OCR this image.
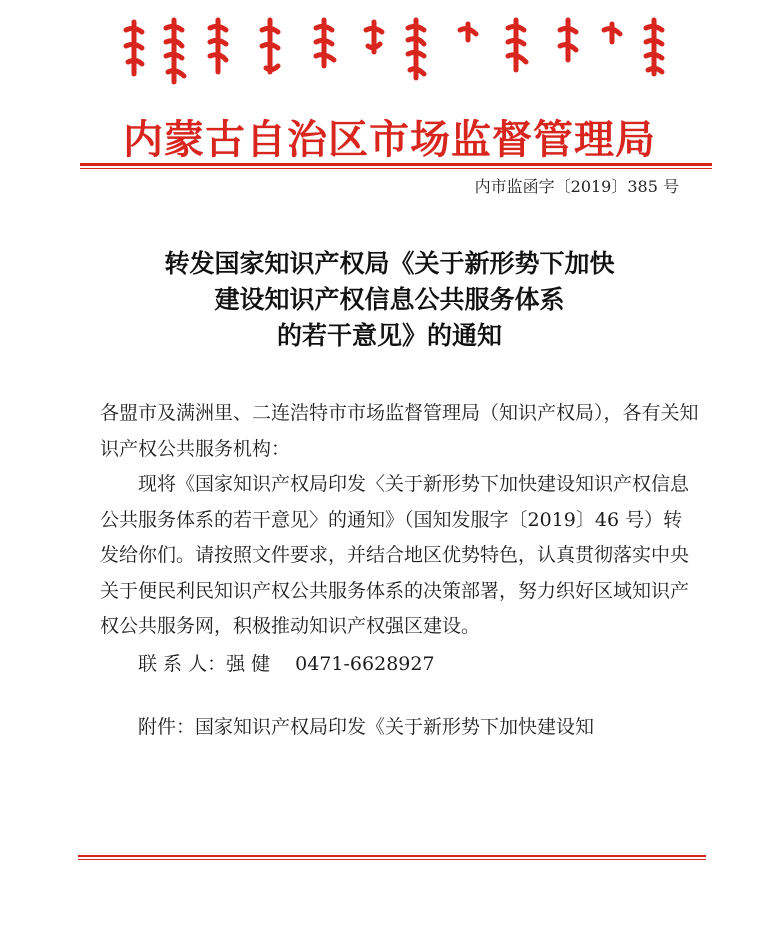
内蒙古自治区市场监督管理局
内市监函字〔2019〕385 号
转发国家知识产权局《关于新形势下加快
建设知识产权信息公共服务体系
的若干意见》的通知

各盟市及满洲里、二连浩特市市场监督管理局（知识产权局），各有关知识产权公共服务机构：

现将《国家知识产权局印发〈关于新形势下加快建设知识产权信息公共服务体系的若干意见〉的通知》（国知发服字〔2019〕46 号）转发给你们。请按照文件要求，并结合地区优势特色，认真贯彻落实中央关于便民利民知识产权公共服务体系的决策部署，努力织好区域知识产权公共服务网，积极推动知识产权强区建设。

联 系 人：强 健　 0471-6628927

附件：国家知识产权局印发《关于新形势下加快建设知
